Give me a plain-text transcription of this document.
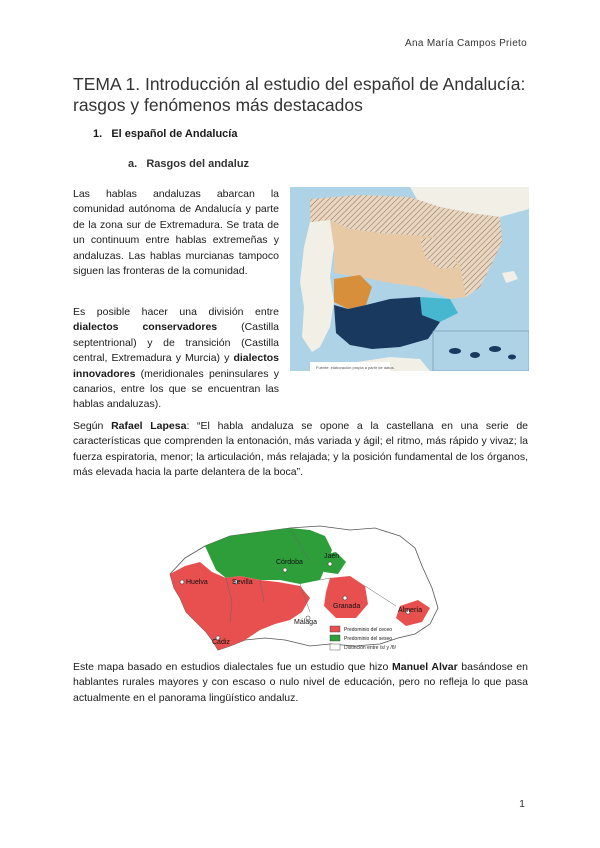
Ana María Campos Prieto
TEMA 1. Introducción al estudio del español de Andalucía: rasgos y fenómenos más destacados
1.   El español de Andalucía
a.   Rasgos del andaluz

Las hablas andaluzas abarcan la comunidad autónoma de Andalucía y parte de la zona sur de Extremadura. Se trata de un continuum entre hablas extremeñas y andaluzas. Las hablas murcianas tampoco siguen las fronteras de la comunidad.

Es posible hacer una división entre dialectos conservadores (Castilla septentrional) y de transición (Castilla central, Extremadura y Murcia) y dialectos innovadores (meridionales peninsulares y canarios, entre los que se encuentran las hablas andaluzas).

Fuente: elaboración propia a partir de datos.

Según Rafael Lapesa: “El habla andaluza se opone a la castellana en una serie de características que comprenden la entonación, más variada y ágil; el ritmo, más rápido y vivaz; la fuerza espiratoria, menor; la articulación, más relajada; y la posición fundamental de los órganos, más elevada hacia la parte delantera de la boca”.

Córdoba
Jaén
Huelva	Sevilla
Granada
Almería
Málaga
Cádiz
Predominio del ceceo
Predominio del seseo
Distinción entre /s/ y /θ/

Este mapa basado en estudios dialectales fue un estudio que hizo Manuel Alvar basándose en hablantes rurales mayores y con escaso o nulo nivel de educación, pero no refleja lo que pasa actualmente en el panorama lingüístico andaluz.

1
